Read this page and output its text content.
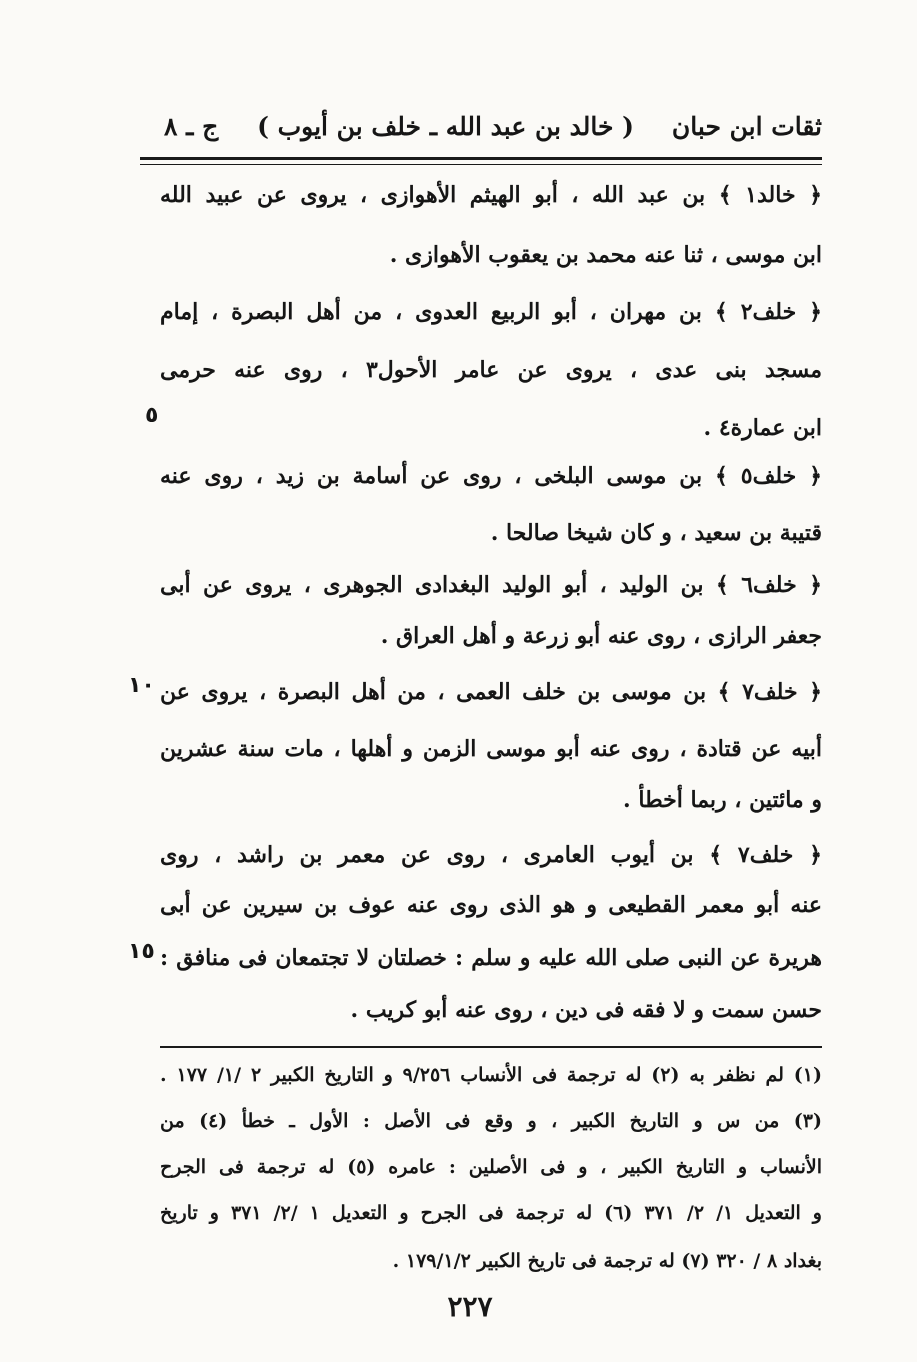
ثقات ابن حبان
( خالد بن عبد الله ـ خلف بن أيوب )
ج ـ ٨
﴿ خالد١ ﴾ بن عبد الله ، أبو الهيثم الأهوازى ، يروى عن عبيد الله
ابن موسى ، ثنا عنه محمد بن يعقوب الأهوازى .
﴿ خلف٢ ﴾ بن مهران ، أبو الربيع العدوى ، من أهل البصرة ، إمام
مسجد بنى عدى ، يروى عن عامر الأحول٣ ، روى عنه حرمى
ابن عمارة٤ .
﴿ خلف٥ ﴾ بن موسى البلخى ، روى عن أسامة بن زيد ، روى عنه
قتيبة بن سعيد ، و كان شيخا صالحا .
﴿ خلف٦ ﴾ بن الوليد ، أبو الوليد البغدادى الجوهرى ، يروى عن أبى
جعفر الرازى ، روى عنه أبو زرعة و أهل العراق .
﴿ خلف٧ ﴾ بن موسى بن خلف العمى ، من أهل البصرة ، يروى عن
أبيه عن قتادة ، روى عنه أبو موسى الزمن و أهلها ، مات سنة عشرين
و مائتين ، ربما أخطأ .
﴿ خلف٧ ﴾ بن أيوب العامرى ، روى عن معمر بن راشد ، روى
عنه أبو معمر القطيعى و هو الذى روى عنه عوف بن سيرين عن أبى
هريرة عن النبى صلى الله عليه و سلم : خصلتان لا تجتمعان فى منافق :
حسن سمت و لا فقه فى دين ، روى عنه أبو كريب .
٥
١٠
١٥
(١) لم نظفر به (٢) له ترجمة فى الأنساب ٩/٢٥٦ و التاريخ الكبير ٢ /١/ ١٧٧ .
(٣) من س و التاريخ الكبير ، و وقع فى الأصل : الأول ـ خطأ (٤) من
الأنساب و التاريخ الكبير ، و فى الأصلين : عامره (٥) له ترجمة فى الجرح
و التعديل ١/ ٢/ ٣٧١ (٦) له ترجمة فى الجرح و التعديل ١ /٢/ ٣٧١ و تاريخ
بغداد ٨ / ٣٢٠ (٧) له ترجمة فى تاريخ الكبير ١٧٩/١/٢ .
٢٢٧
